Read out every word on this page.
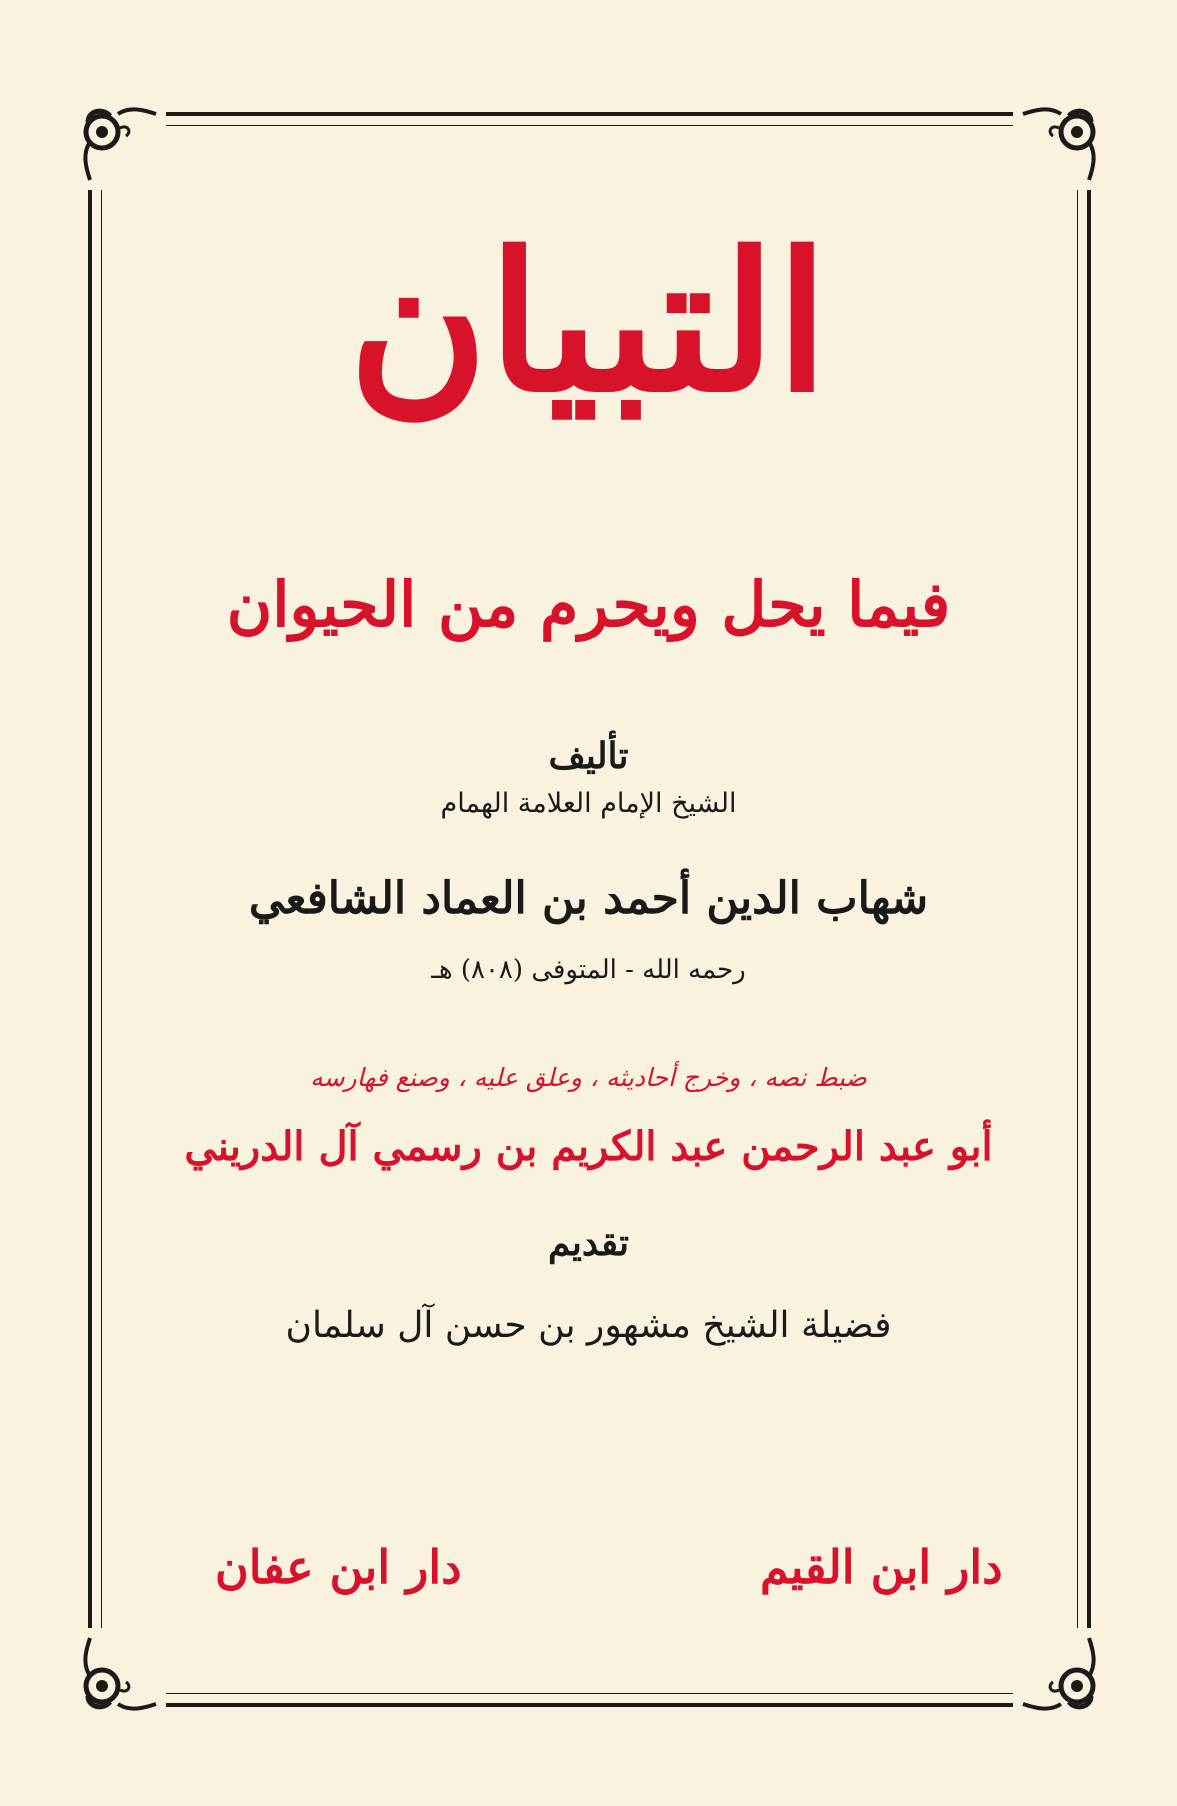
التبيان
فيما يحل ويحرم من الحيوان
تأليف
الشيخ الإمام العلامة الهمام
شهاب الدين أحمد بن العماد الشافعي
رحمه الله - المتوفى (٨٠٨) هـ
ضبط نصه ، وخرج أحاديثه ، وعلق عليه ، وصنع فهارسه
أبو عبد الرحمن عبد الكريم بن رسمي آل الدريني
تقديم
فضيلة الشيخ مشهور بن حسن آل سلمان
دار ابن القيم
دار ابن عفان
